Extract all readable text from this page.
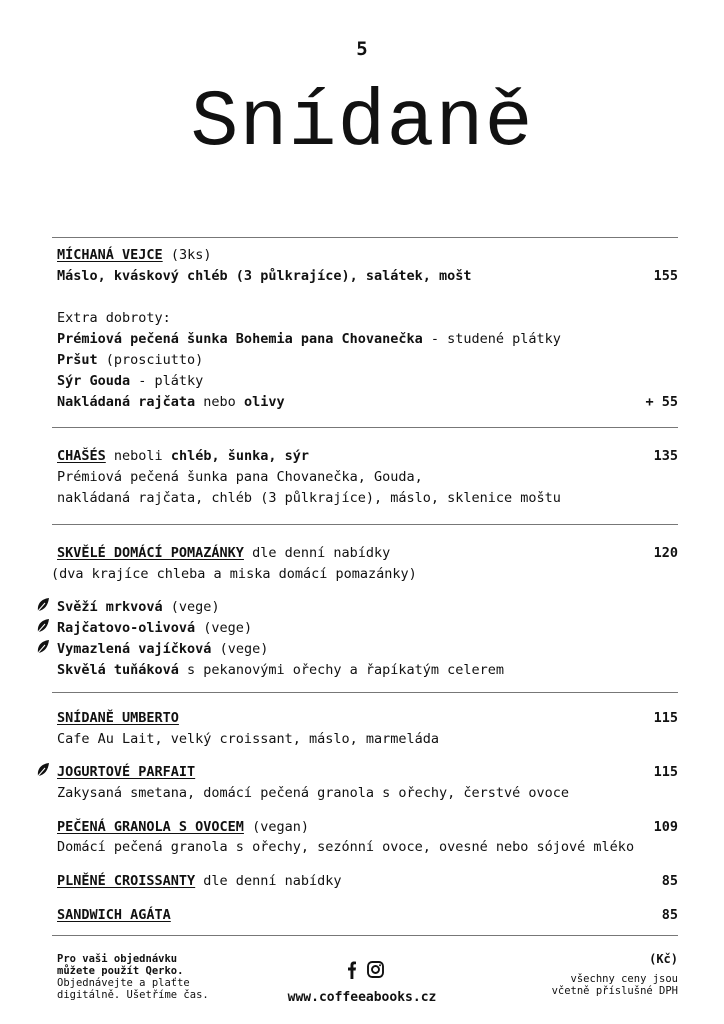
5
Snídaně
MÍCHANÁ VEJCE (3ks)
Máslo, kváskový chléb (3 půlkrajíce), salátek, mošt	155
Extra dobroty:
Prémiová pečená šunka Bohemia pana Chovanečka - studené plátky
Pršut (prosciutto)
Sýr Gouda - plátky
Nakládaná rajčata nebo olivy	+ 55
CHAŠÉS neboli chléb, šunka, sýr	135
Prémiová pečená šunka pana Chovanečka, Gouda,
nakládaná rajčata, chléb (3 půlkrajíce), máslo, sklenice moštu
SKVĚLÉ DOMÁCÍ POMAZÁNKY dle denní nabídky	120
(dva krajíce chleba a miska domácí pomazánky)
Svěží mrkvová (vege)
Rajčatovo-olivová (vege)
Vymazlená vajíčková (vege)
Skvělá tuňáková s pekanovými ořechy a řapíkatým celerem
SNÍDANĚ UMBERTO	115
Cafe Au Lait, velký croissant, máslo, marmeláda
JOGURTOVÉ PARFAIT	115
Zakysaná smetana, domácí pečená granola s ořechy, čerstvé ovoce
PEČENÁ GRANOLA S OVOCEM (vegan)	109
Domácí pečená granola s ořechy, sezónní ovoce, ovesné nebo sójové mléko
PLNĚNÉ CROISSANTY dle denní nabídky	85
SANDWICH AGÁTA	85
Pro vaši objednávku
můžete použít Qerko.
Objednávejte a plaťte
digitálně. Ušetříme čas.	www.coffeeabooks.cz
(Kč)
všechny ceny jsou
včetně příslušné DPH
